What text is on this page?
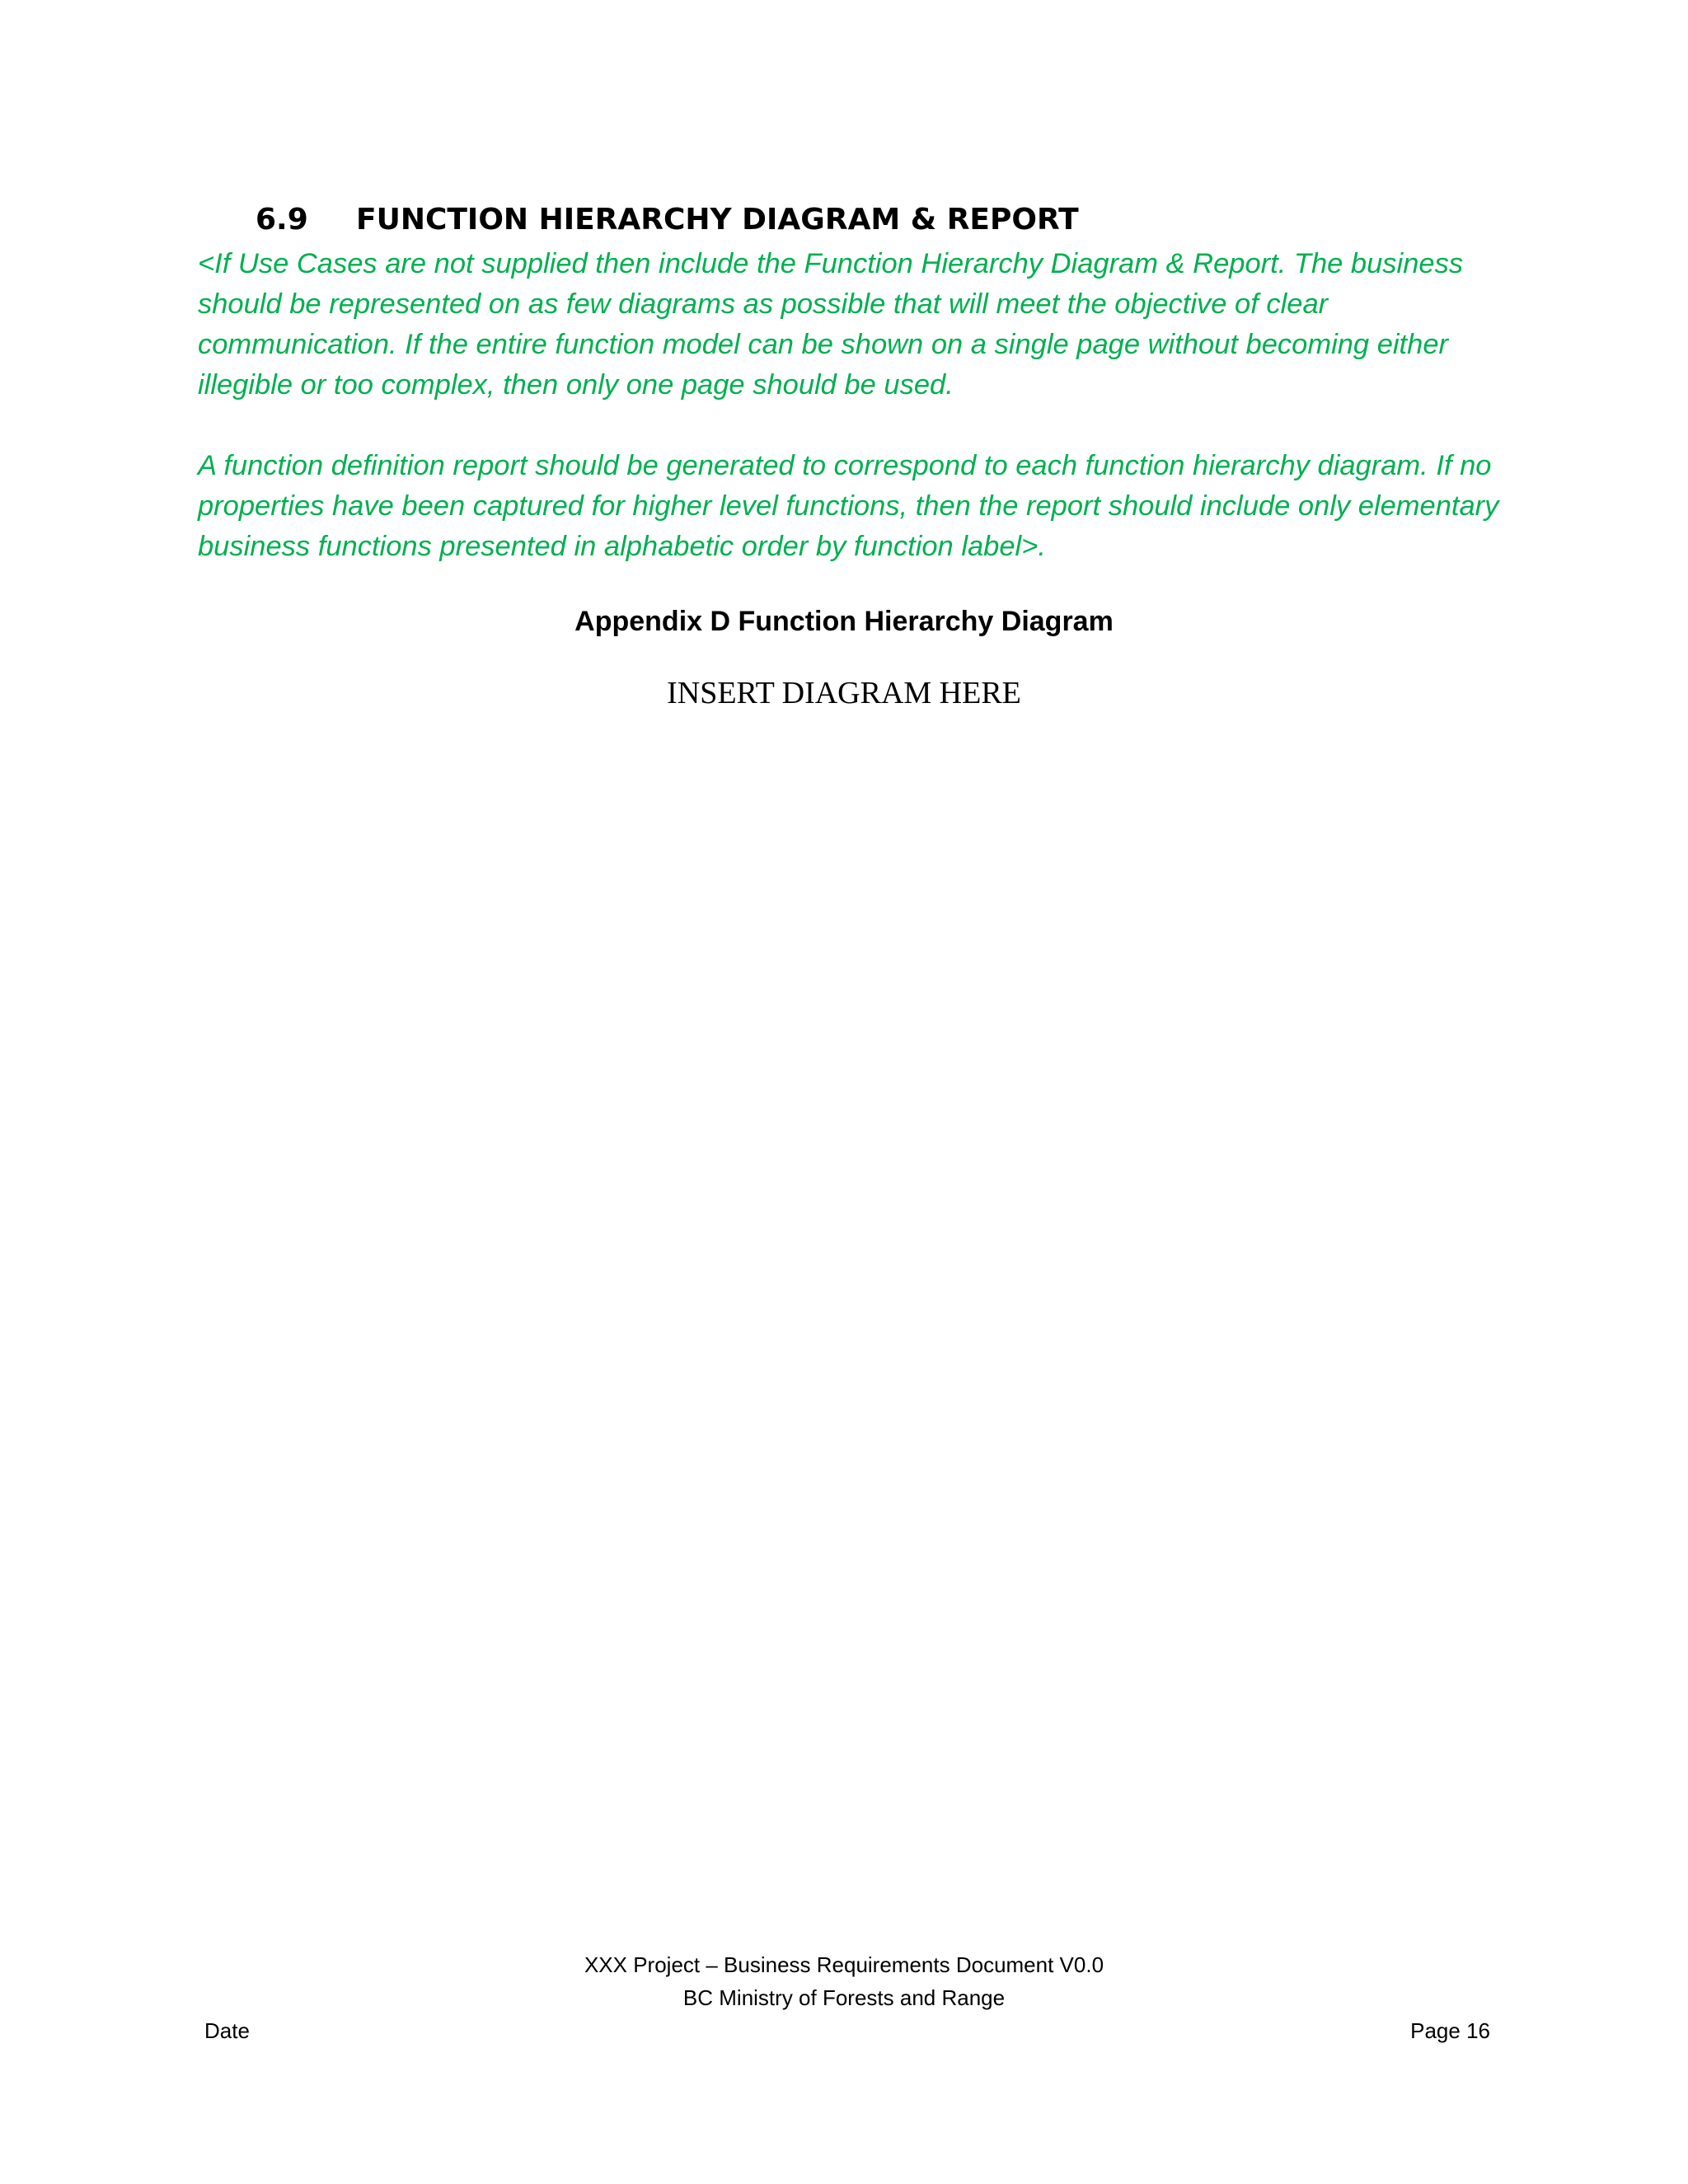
6.9 FUNCTION HIERARCHY DIAGRAM & REPORT

<If Use Cases are not supplied then include the Function Hierarchy Diagram & Report. The business should be represented on as few diagrams as possible that will meet the objective of clear communication. If the entire function model can be shown on a single page without becoming either illegible or too complex, then only one page should be used.

A function definition report should be generated to correspond to each function hierarchy diagram. If no properties have been captured for higher level functions, then the report should include only elementary business functions presented in alphabetic order by function label>.

Appendix D Function Hierarchy Diagram
INSERT DIAGRAM HERE
XXX Project – Business Requirements Document V0.0
BC Ministry of Forests and Range
Date	Page 16
